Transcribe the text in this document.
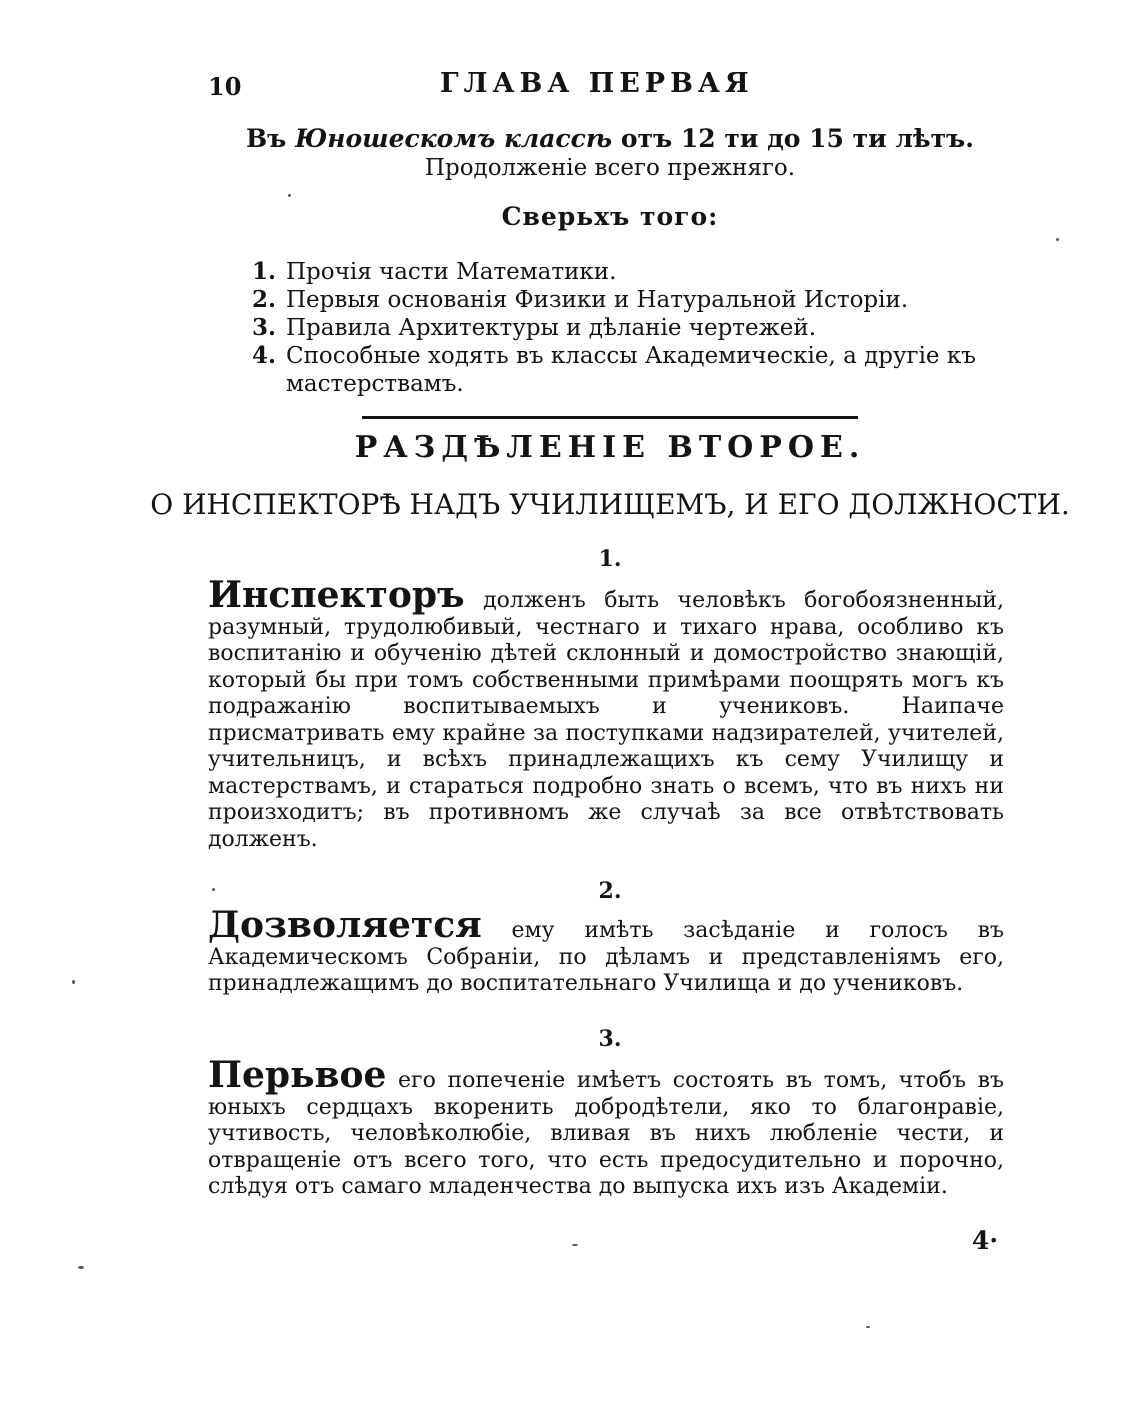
10	ГЛАВА ПЕРВАЯ
Въ Юношескомъ классѣ отъ 12 ти до 15 ти лѣтъ.
Продолженіе всего прежняго.
Сверьхъ того:
1. Прочія части Математики.
2. Первыя основанія Физики и Натуральной Исторіи.
3. Правила Архитектуры и дѣланіе чертежей.
4. Способные ходять въ классы Академическіе, а другіе къ мастерствамъ.
РАЗДѢЛЕНІЕ ВТОРОЕ.
О ИНСПЕКТОРѢ НАДЪ УЧИЛИЩЕМЪ, И ЕГО ДОЛЖНОСТИ.
1.

Инспекторъ долженъ быть человѣкъ богобоязненный, разумный, трудолюбивый, честнаго и тихаго нрава, особливо къ воспитанію и обученію дѣтей склонный и домостройство знающій, который бы при томъ собственными примѣрами поощрять могъ къ подражанію воспитываемыхъ и учениковъ. Наипаче присматривать ему крайне за поступками надзирателей, учителей, учительницъ, и всѣхъ принадлежащихъ къ сему Училищу и мастерствамъ, и стараться подробно знать о всемъ, что въ нихъ ни произходитъ; въ противномъ же случаѣ за все отвѣтствовать долженъ.

2.

Дозволяется ему имѣть засѣданіе и голосъ въ Академическомъ Собраніи, по дѣламъ и представленіямъ его, принадлежащимъ до воспитательнаго Училища и до учениковъ.

3.

Перьвое его попеченіе имѣетъ состоять въ томъ, чтобъ въ юныхъ сердцахъ вкоренить добродѣтели, яко то благонравіе, учтивость, человѣколюбіе, вливая въ нихъ любленіе чести, и отвращеніе отъ всего того, что есть предосудительно и порочно, слѣдуя отъ самаго младенчества до выпуска ихъ изъ Академіи.

4·
